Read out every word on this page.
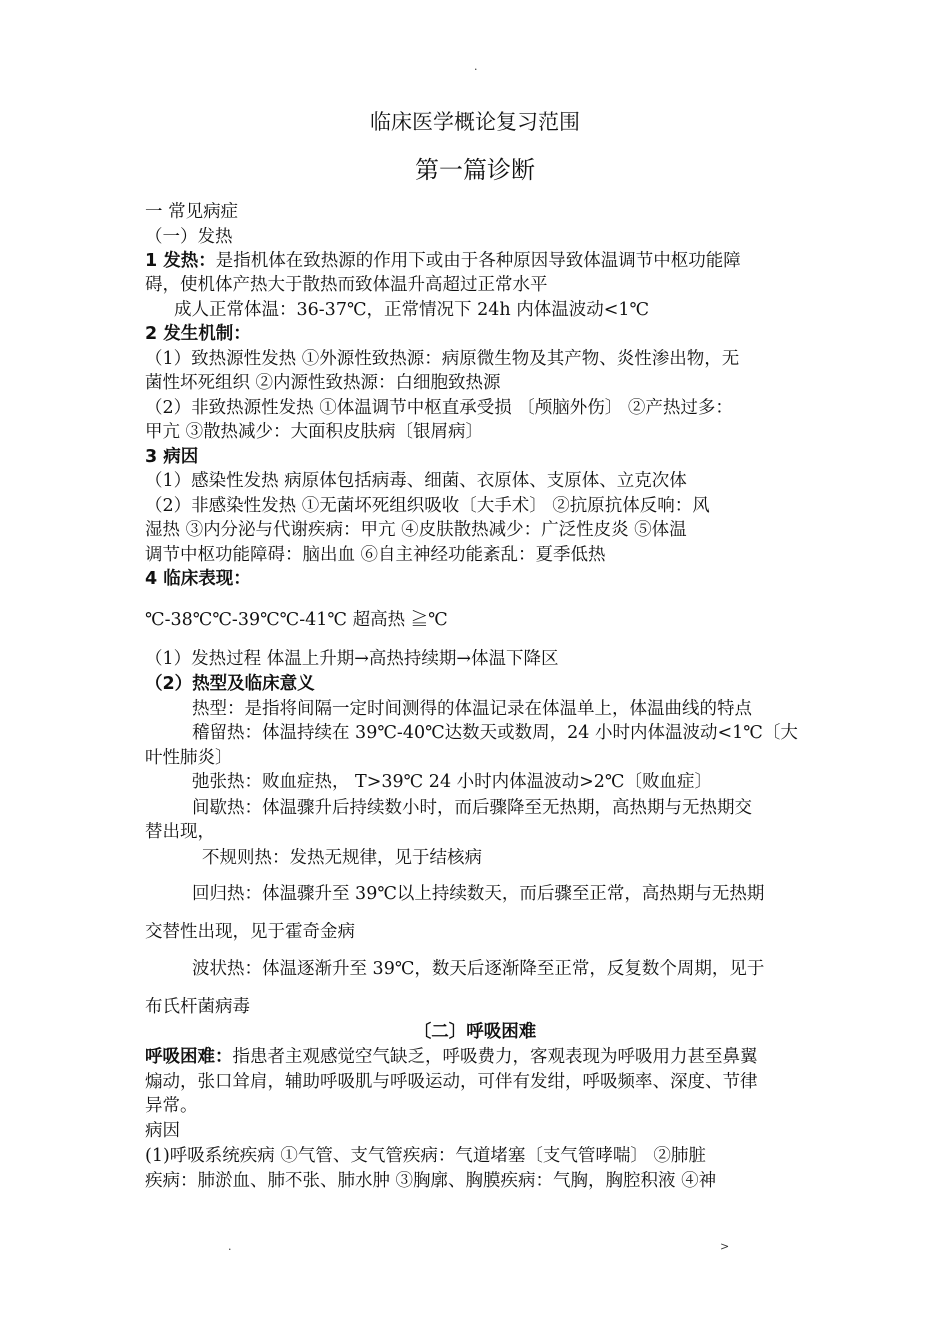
.
临床医学概论复习范围
第一篇诊断
一 常见病症
（一）发热
1 发热：是指机体在致热源的作用下或由于各种原因导致体温调节中枢功能障
碍，使机体产热大于散热而致体温升高超过正常水平
成人正常体温：36-37℃，正常情况下 24h 内体温波动<1℃
2 发生机制：
（1）致热源性发热 ①外源性致热源：病原微生物及其产物、炎性渗出物，无
菌性坏死组织 ②内源性致热源：白细胞致热源
（2）非致热源性发热 ①体温调节中枢直承受损 〔颅脑外伤〕 ②产热过多：
甲亢 ③散热减少：大面积皮肤病〔银屑病〕
3 病因
（1）感染性发热 病原体包括病毒、细菌、衣原体、支原体、立克次体
（2）非感染性发热 ①无菌坏死组织吸收〔大手术〕 ②抗原抗体反响：风
湿热 ③内分泌与代谢疾病：甲亢 ④皮肤散热减少：广泛性皮炎 ⑤体温
调节中枢功能障碍：脑出血 ⑥自主神经功能紊乱：夏季低热
4 临床表现：
℃-38℃℃-39℃℃-41℃ 超高热 ≧℃
（1）发热过程 体温上升期→高热持续期→体温下降区
（2）热型及临床意义
热型：是指将间隔一定时间测得的体温记录在体温单上，体温曲线的特点
稽留热：体温持续在 39℃-40℃达数天或数周，24 小时内体温波动<1℃〔大
叶性肺炎〕
弛张热：败血症热， T>39℃ 24 小时内体温波动>2℃〔败血症〕
间歇热：体温骤升后持续数小时，而后骤降至无热期，高热期与无热期交
替出现，
不规则热：发热无规律，见于结核病
回归热：体温骤升至 39℃以上持续数天，而后骤至正常，高热期与无热期
交替性出现，见于霍奇金病
波状热：体温逐渐升至 39℃，数天后逐渐降至正常，反复数个周期，见于
布氏杆菌病毒
〔二〕呼吸困难
呼吸困难：指患者主观感觉空气缺乏，呼吸费力，客观表现为呼吸用力甚至鼻翼
煽动，张口耸肩，辅助呼吸肌与呼吸运动，可伴有发绀，呼吸频率、深度、节律
异常。
病因
(1)呼吸系统疾病 ①气管、支气管疾病：气道堵塞〔支气管哮喘〕 ②肺脏
疾病：肺淤血、肺不张、肺水肿 ③胸廓、胸膜疾病：气胸，胸腔积液 ④神
.	>
